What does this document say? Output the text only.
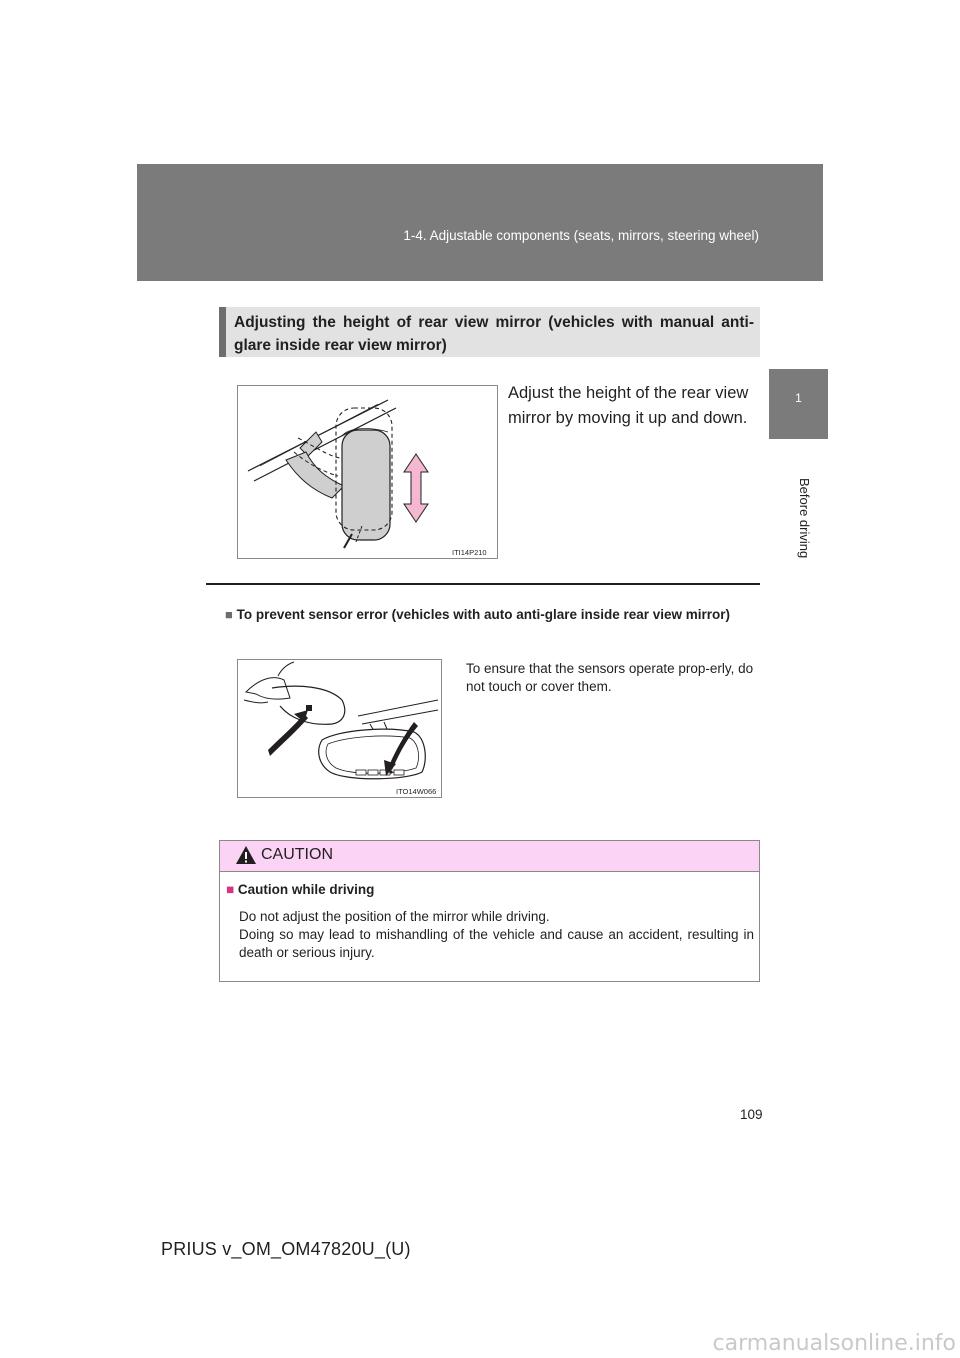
1-4. Adjustable components (seats, mirrors, steering wheel)
1
Before driving
Adjusting the height of rear view mirror (vehicles with manual anti-glare inside rear view mirror)
ITI14P210
Adjust the height of the rear view mirror by moving it up and down.
■ To prevent sensor error (vehicles with auto anti-glare inside rear view mirror)
ITO14W066
To ensure that the sensors operate prop-erly, do not touch or cover them.
CAUTION
■ Caution while driving

Do not adjust the position of the mirror while driving.

Doing so may lead to mishandling of the vehicle and cause an accident, resulting in death or serious injury.

109
PRIUS v_OM_OM47820U_(U)
carmanualsonline.info
